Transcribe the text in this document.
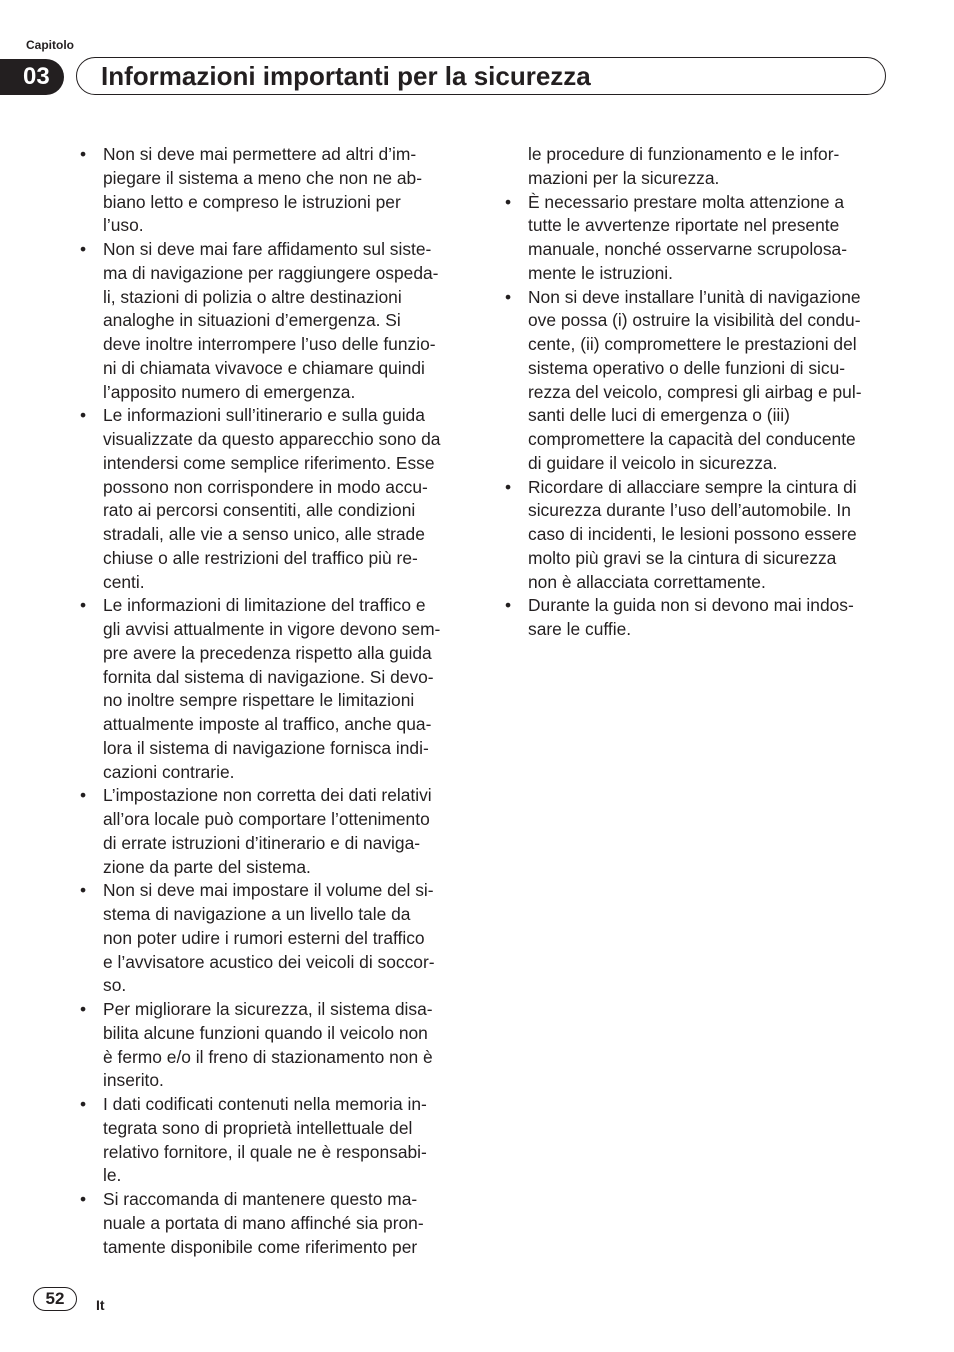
Capitolo
03	Informazioni importanti per la sicurezza
• Non si deve mai permettere ad altri d’im-
piegare il sistema a meno che non ne ab-
biano letto e compreso le istruzioni per
l’uso.
• Non si deve mai fare affidamento sul siste-
ma di navigazione per raggiungere ospeda-
li, stazioni di polizia o altre destinazioni
analoghe in situazioni d’emergenza. Si
deve inoltre interrompere l’uso delle funzio-
ni di chiamata vivavoce e chiamare quindi
l’apposito numero di emergenza.
• Le informazioni sull’itinerario e sulla guida
visualizzate da questo apparecchio sono da
intendersi come semplice riferimento. Esse
possono non corrispondere in modo accu-
rato ai percorsi consentiti, alle condizioni
stradali, alle vie a senso unico, alle strade
chiuse o alle restrizioni del traffico più re-
centi.
• Le informazioni di limitazione del traffico e
gli avvisi attualmente in vigore devono sem-
pre avere la precedenza rispetto alla guida
fornita dal sistema di navigazione. Si devo-
no inoltre sempre rispettare le limitazioni
attualmente imposte al traffico, anche qua-
lora il sistema di navigazione fornisca indi-
cazioni contrarie.
• L’impostazione non corretta dei dati relativi
all’ora locale può comportare l’ottenimento
di errate istruzioni d’itinerario e di naviga-
zione da parte del sistema.
• Non si deve mai impostare il volume del si-
stema di navigazione a un livello tale da
non poter udire i rumori esterni del traffico
e l’avvisatore acustico dei veicoli di soccor-
so.
• Per migliorare la sicurezza, il sistema disa-
bilita alcune funzioni quando il veicolo non
è fermo e/o il freno di stazionamento non è
inserito.
• I dati codificati contenuti nella memoria in-
tegrata sono di proprietà intellettuale del
relativo fornitore, il quale ne è responsabi-
le.
• Si raccomanda di mantenere questo ma-
nuale a portata di mano affinché sia pron-
tamente disponibile come riferimento per
le procedure di funzionamento e le infor-
mazioni per la sicurezza.
• È necessario prestare molta attenzione a
tutte le avvertenze riportate nel presente
manuale, nonché osservarne scrupolosa-
mente le istruzioni.
• Non si deve installare l’unità di navigazione
ove possa (i) ostruire la visibilità del condu-
cente, (ii) compromettere le prestazioni del
sistema operativo o delle funzioni di sicu-
rezza del veicolo, compresi gli airbag e pul-
santi delle luci di emergenza o (iii)
compromettere la capacità del conducente
di guidare il veicolo in sicurezza.
• Ricordare di allacciare sempre la cintura di
sicurezza durante l’uso dell’automobile. In
caso di incidenti, le lesioni possono essere
molto più gravi se la cintura di sicurezza
non è allacciata correttamente.
• Durante la guida non si devono mai indos-
sare le cuffie.
52	It
